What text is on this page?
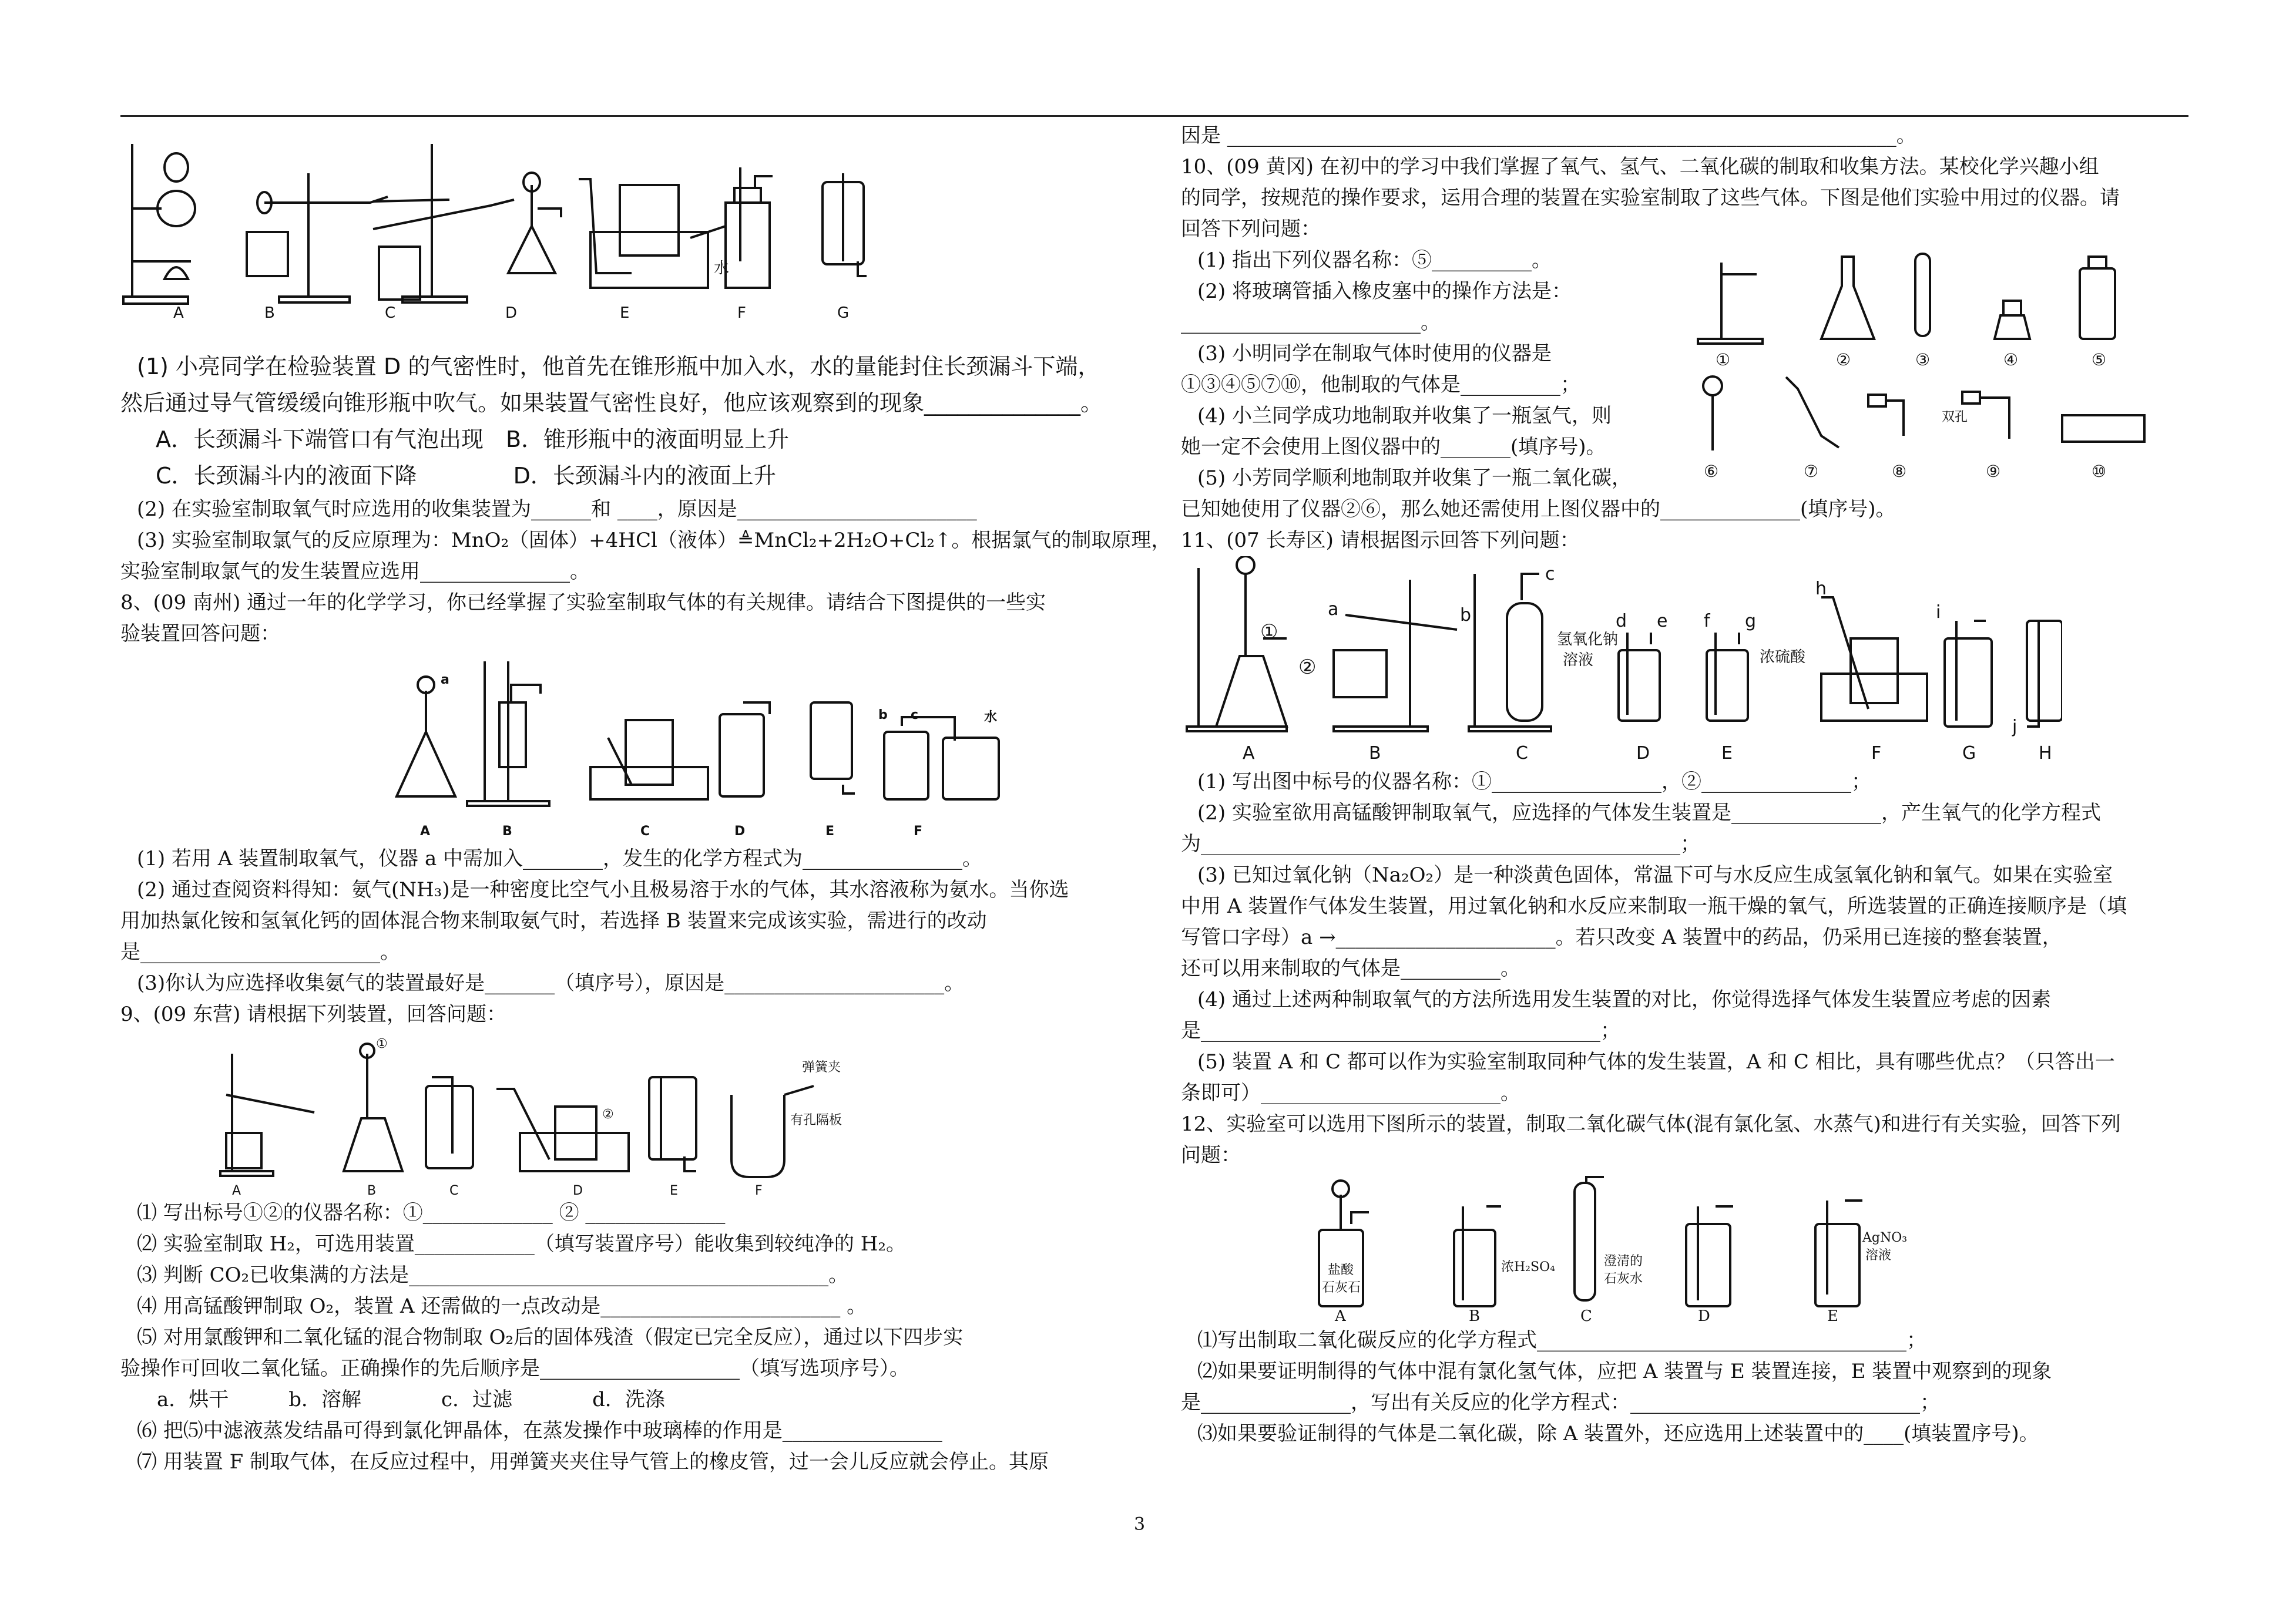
A	B	C	D	E	F	G
水

(1) 小亮同学在检验装置 D 的气密性时，他首先在锥形瓶中加入水，水的量能封住长颈漏斗下端，

然后通过导气管缓缓向锥形瓶中吹气。如果装置气密性良好，他应该观察到的现象______________。

A．长颈漏斗下端管口有气泡出现　B．锥形瓶中的液面明显上升

C．长颈漏斗内的液面下降　　　　 D．长颈漏斗内的液面上升

(2) 在实验室制取氧气时应选用的收集装置为______和 ____，原因是________________________

(3) 实验室制取氯气的反应原理为：MnO₂（固体）+4HCl（液体）≜MnCl₂+2H₂O+Cl₂↑。根据氯气的制取原理，

实验室制取氯气的发生装置应选用_______________。

8、(09 南州) 通过一年的化学学习，你已经掌握了实验室制取气体的有关规律。请结合下图提供的一些实

验装置回答问题：

A	B	C	D	E	F
a
b c	水

(1) 若用 A 装置制取氧气，仪器 a 中需加入________，发生的化学方程式为________________。

(2) 通过查阅资料得知：氨气(NH₃)是一种密度比空气小且极易溶于水的气体，其水溶液称为氨水。当你选

用加热氯化铵和氢氧化钙的固体混合物来制取氨气时，若选择 B 装置来完成该实验，需进行的改动

是________________________。

(3)你认为应选择收集氨气的装置最好是_______（填序号），原因是______________________。

9、(09 东营) 请根据下列装置，回答问题：

A	B	C	D	E	F
①
②
弹簧夹
有孔隔板

⑴ 写出标号①②的仪器名称：①_____________ ② ______________

⑵ 实验室制取 H₂，可选用装置____________（填写装置序号）能收集到较纯净的 H₂。

⑶ 判断 CO₂已收集满的方法是__________________________________________。

⑷ 用高锰酸钾制取 O₂，装置 A 还需做的一点改动是________________________ 。

⑸ 对用氯酸钾和二氧化锰的混合物制取 O₂后的固体残渣（假定已完全反应），通过以下四步实

验操作可回收二氧化锰。正确操作的先后顺序是____________________（填写选项序号）。

　a．烘干　　　b．溶解　　　　c．过滤　　　　d．洗涤

⑹ 把⑸中滤液蒸发结晶可得到氯化钾晶体，在蒸发操作中玻璃棒的作用是________________

⑺ 用装置 F 制取气体，在反应过程中，用弹簧夹夹住导气管上的橡皮管，过一会儿反应就会停止。其原

因是 ___________________________________________________________________。

10、(09 黄冈) 在初中的学习中我们掌握了氧气、氢气、二氧化碳的制取和收集方法。某校化学兴趣小组

的同学，按规范的操作要求，运用合理的装置在实验室制取了这些气体。下图是他们实验中用过的仪器。请

回答下列问题：

(1) 指出下列仪器名称：⑤__________。

(2) 将玻璃管插入橡皮塞中的操作方法是：

________________________。

(3) 小明同学在制取气体时使用的仪器是

①③④⑤⑦⑩，他制取的气体是__________；

(4) 小兰同学成功地制取并收集了一瓶氢气，则

她一定不会使用上图仪器中的_______(填序号)。

(5) 小芳同学顺利地制取并收集了一瓶二氧化碳，

已知她使用了仪器②⑥，那么她还需使用上图仪器中的______________(填序号)。

①	②	③	④	⑤
⑥	⑦	⑧	⑨	⑩
双孔

11、(07 长寿区) 请根据图示回答下列问题：

A	B	C	D	E	F	G	H
a	b
c
d e f g
h
i
j
①
②
氢氧化钠
溶液	浓硫酸

(1) 写出图中标号的仪器名称：①_________________，②_______________；

(2) 实验室欲用高锰酸钾制取氧气，应选择的气体发生装置是_______________，产生氧气的化学方程式

为________________________________________________；

(3) 已知过氧化钠（Na₂O₂）是一种淡黄色固体，常温下可与水反应生成氢氧化钠和氧气。如果在实验室

中用 A 装置作气体发生装置，用过氧化钠和水反应来制取一瓶干燥的氧气，所选装置的正确连接顺序是（填

写管口字母）a →______________________。若只改变 A 装置中的药品，仍采用已连接的整套装置，

还可以用来制取的气体是__________。

(4) 通过上述两种制取氧气的方法所选用发生装置的对比，你觉得选择气体发生装置应考虑的因素

是________________________________________；

(5) 装置 A 和 C 都可以作为实验室制取同种气体的发生装置，A 和 C 相比，具有哪些优点？（只答出一

条即可）________________________。

12、实验室可以选用下图所示的装置，制取二氧化碳气体(混有氯化氢、水蒸气)和进行有关实验，回答下列

问题：

A	B	C	D	E
盐酸
石灰石
浓H₂SO₄	澄清的
石灰水
AgNO₃
溶液

⑴写出制取二氧化碳反应的化学方程式_____________________________________；

⑵如果要证明制得的气体中混有氯化氢气体，应把 A 装置与 E 装置连接，E 装置中观察到的现象

是_______________，写出有关反应的化学方程式：_____________________________；

⑶如果要验证制得的气体是二氧化碳，除 A 装置外，还应选用上述装置中的____(填装置序号)。

3
